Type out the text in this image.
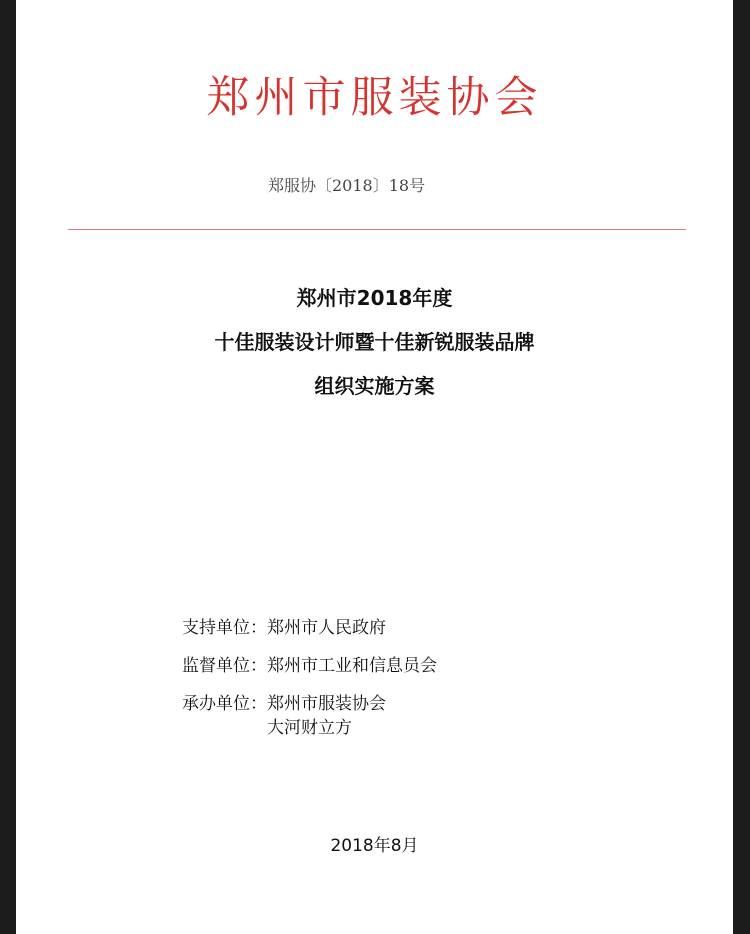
郑州市服装协会
郑服协〔2018〕18号
郑州市2018年度
十佳服装设计师暨十佳新锐服装品牌
组织实施方案
支持单位： 郑州市人民政府
监督单位： 郑州市工业和信息员会
承办单位： 郑州市服装协会
大河财立方
2018年8月
